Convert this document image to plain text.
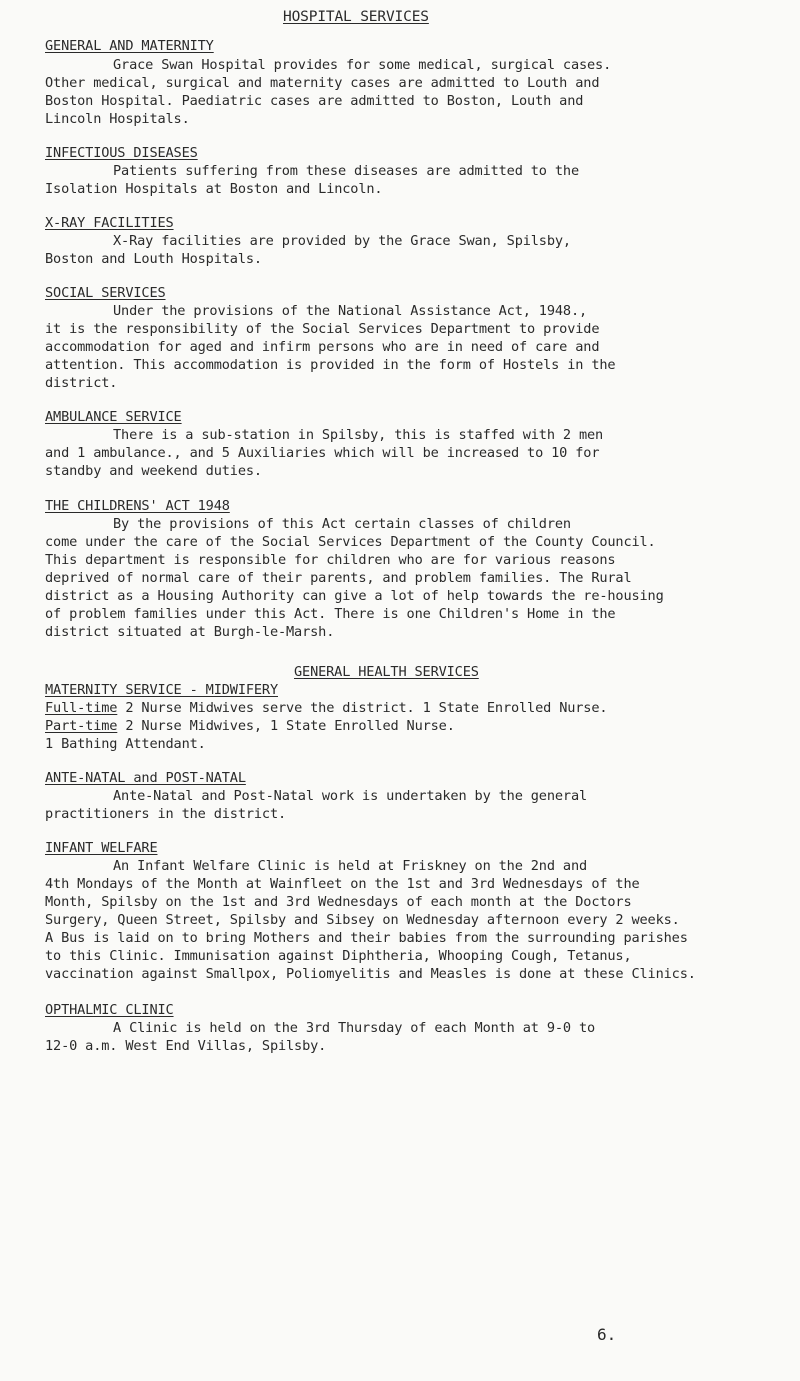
HOSPITAL SERVICES
GENERAL AND MATERNITY
Grace Swan Hospital provides for some medical, surgical cases.
Other medical, surgical and maternity cases are admitted to Louth and
Boston Hospital. Paediatric cases are admitted to Boston, Louth and
Lincoln Hospitals.
INFECTIOUS DISEASES
Patients suffering from these diseases are admitted to the
Isolation Hospitals at Boston and Lincoln.
X-RAY FACILITIES
X-Ray facilities are provided by the Grace Swan, Spilsby,
Boston and Louth Hospitals.
SOCIAL SERVICES
Under the provisions of the National Assistance Act, 1948.,
it is the responsibility of the Social Services Department to provide
accommodation for aged and infirm persons who are in need of care and
attention. This accommodation is provided in the form of Hostels in the
district.
AMBULANCE SERVICE
There is a sub-station in Spilsby, this is staffed with 2 men
and 1 ambulance., and 5 Auxiliaries which will be increased to 10 for
standby and weekend duties.
THE CHILDRENS' ACT 1948
By the provisions of this Act certain classes of children
come under the care of the Social Services Department of the County Council.
This department is responsible for children who are for various reasons
deprived of normal care of their parents, and problem families. The Rural
district as a Housing Authority can give a lot of help towards the re-housing
of problem families under this Act. There is one Children's Home in the
district situated at Burgh-le-Marsh.
GENERAL HEALTH SERVICES
MATERNITY SERVICE - MIDWIFERY
Full-time 2 Nurse Midwives serve the district. 1 State Enrolled Nurse.
Part-time 2 Nurse Midwives, 1 State Enrolled Nurse.
1 Bathing Attendant.
ANTE-NATAL and POST-NATAL
Ante-Natal and Post-Natal work is undertaken by the general
practitioners in the district.
INFANT WELFARE
An Infant Welfare Clinic is held at Friskney on the 2nd and
4th Mondays of the Month at Wainfleet on the 1st and 3rd Wednesdays of the
Month, Spilsby on the 1st and 3rd Wednesdays of each month at the Doctors
Surgery, Queen Street, Spilsby and Sibsey on Wednesday afternoon every 2 weeks.
A Bus is laid on to bring Mothers and their babies from the surrounding parishes
to this Clinic. Immunisation against Diphtheria, Whooping Cough, Tetanus,
vaccination against Smallpox, Poliomyelitis and Measles is done at these Clinics.
OPTHALMIC CLINIC
A Clinic is held on the 3rd Thursday of each Month at 9-0 to
12-0 a.m. West End Villas, Spilsby.
6.
